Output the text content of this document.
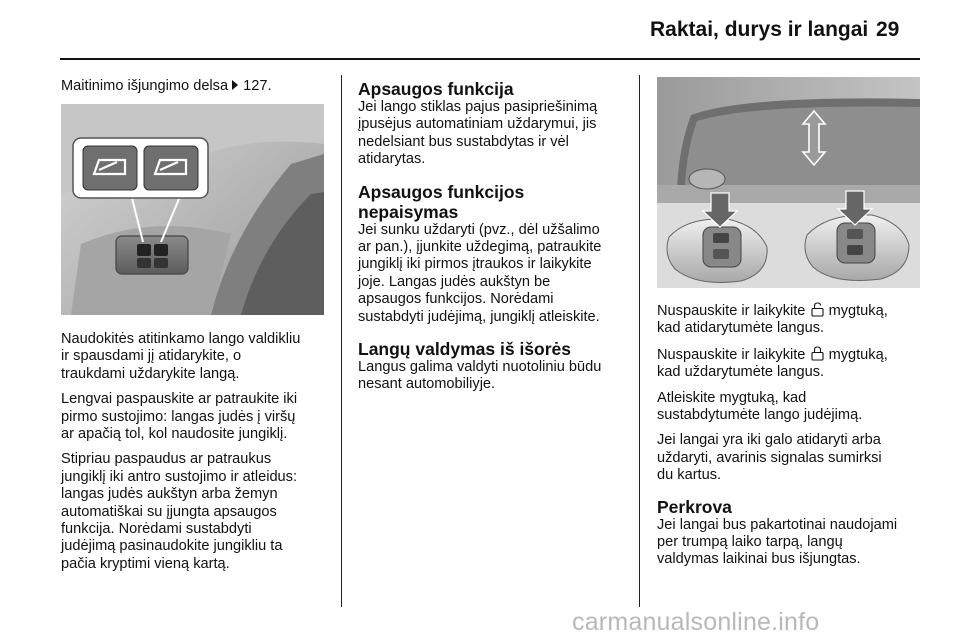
Raktai, durys ir langai 29
Maitinimo išjungimo delsa 127.

Naudokitės atitinkamo lango valdikliu
ir spausdami jį atidarykite, o
traukdami uždarykite langą.

Lengvai paspauskite ar patraukite iki
pirmo sustojimo: langas judės į viršų
ar apačią tol, kol naudosite jungiklį.

Stipriau paspaudus ar patraukus
jungiklį iki antro sustojimo ir atleidus:
langas judės aukštyn arba žemyn
automatiškai su įjungta apsaugos
funkcija. Norėdami sustabdyti
judėjimą pasinaudokite jungikliu ta
pačia kryptimi vieną kartą.

Apsaugos funkcija
Jei lango stiklas pajus pasipriešinimą
įpusėjus automatiniam uždarymui, jis
nedelsiant bus sustabdytas ir vėl
atidarytas.
Apsaugos funkcijos
nepaisymas
Jei sunku uždaryti (pvz., dėl užšalimo
ar pan.), įjunkite uždegimą, patraukite
jungiklį iki pirmos įtraukos ir laikykite
joje. Langas judės aukštyn be
apsaugos funkcijos. Norėdami
sustabdyti judėjimą, jungiklį atleiskite.
Langų valdymas iš išorės
Langus galima valdyti nuotoliniu būdu
nesant automobiliyje.

Nuspauskite ir laikykite mygtuką,
kad atidarytumėte langus.

Nuspauskite ir laikykite mygtuką,
kad uždarytumėte langus.

Atleiskite mygtuką, kad
sustabdytumėte lango judėjimą.

Jei langai yra iki galo atidaryti arba
uždaryti, avarinis signalas sumirksi
du kartus.

Perkrova
Jei langai bus pakartotinai naudojami
per trumpą laiko tarpą, langų
valdymas laikinai bus išjungtas.
carmanualsonline.info
